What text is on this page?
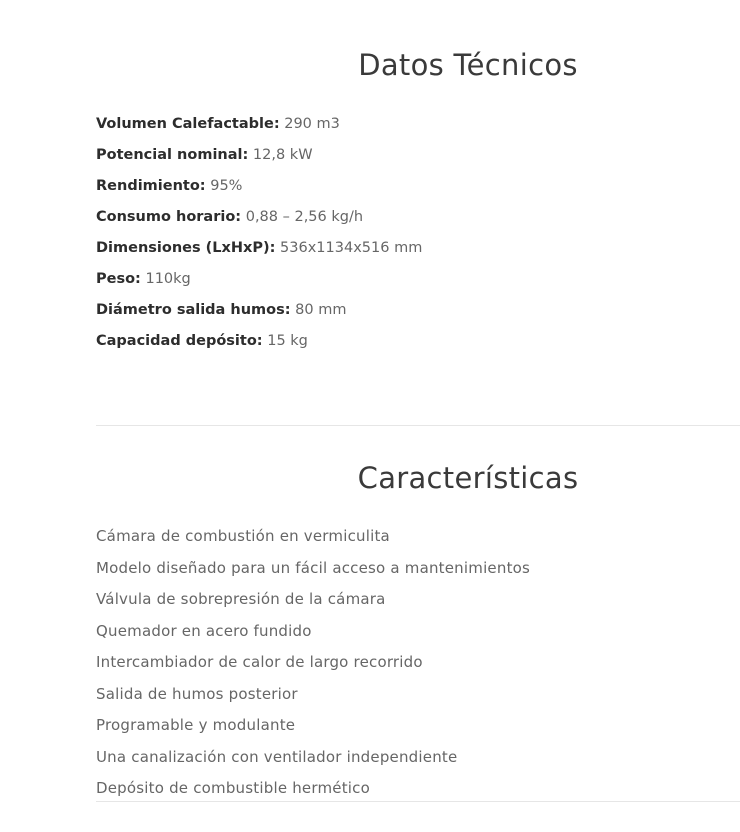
Datos Técnicos
Volumen Calefactable: 290 m3
Potencial nominal: 12,8 kW
Rendimiento: 95%
Consumo horario: 0,88 – 2,56 kg/h
Dimensiones (LxHxP): 536x1134x516 mm
Peso: 110kg
Diámetro salida humos: 80 mm
Capacidad depósito: 15 kg
Características
Cámara de combustión en vermiculita
Modelo diseñado para un fácil acceso a mantenimientos
Válvula de sobrepresión de la cámara
Quemador en acero fundido
Intercambiador de calor de largo recorrido
Salida de humos posterior
Programable y modulante
Una canalización con ventilador independiente
Depósito de combustible hermético
